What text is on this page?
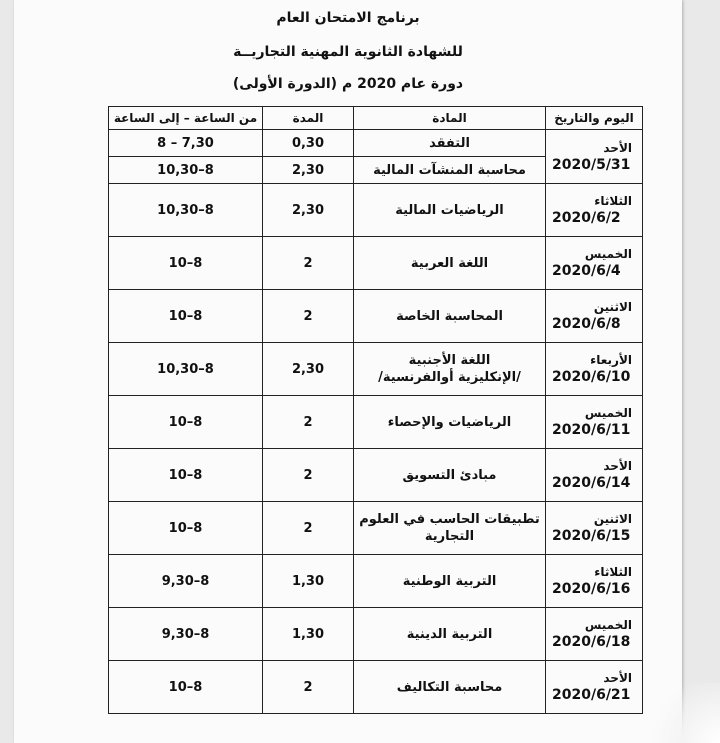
برنامج الامتحان العام
للشهادة الثانوية المهنية التجاريــة
دورة عام 2020 م (الدورة الأولى)
اليوم والتاريخ	المادة	المدة	من الساعة – إلى الساعة

الأحد
2020/5/31	التفقد	0,30	8 – 7,30
	محاسبة المنشآت المالية	2,30	10,30–8

الثلاثاء
2020/6/2	الرياضيات المالية	2,30	10,30–8

الخميس
2020/6/4	اللغة العربية	2	10–8

الاثنين
2020/6/8	المحاسبة الخاصة	2	10–8

الأربعاء
2020/6/10	اللغة الأجنبية
/الإنكليزية أوالفرنسية/	2,30	10,30–8

الخميس
2020/6/11	الرياضيات والإحصاء	2	10–8

الأحد
2020/6/14	مبادئ التسويق	2	10–8

الاثنين
2020/6/15	تطبيقات الحاسب في العلوم التجارية	2	10–8

الثلاثاء
2020/6/16	التربية الوطنية	1,30	9,30–8

الخميس
2020/6/18	التربية الدينية	1,30	9,30–8

الأحد
2020/6/21	محاسبة التكاليف	2	10–8
